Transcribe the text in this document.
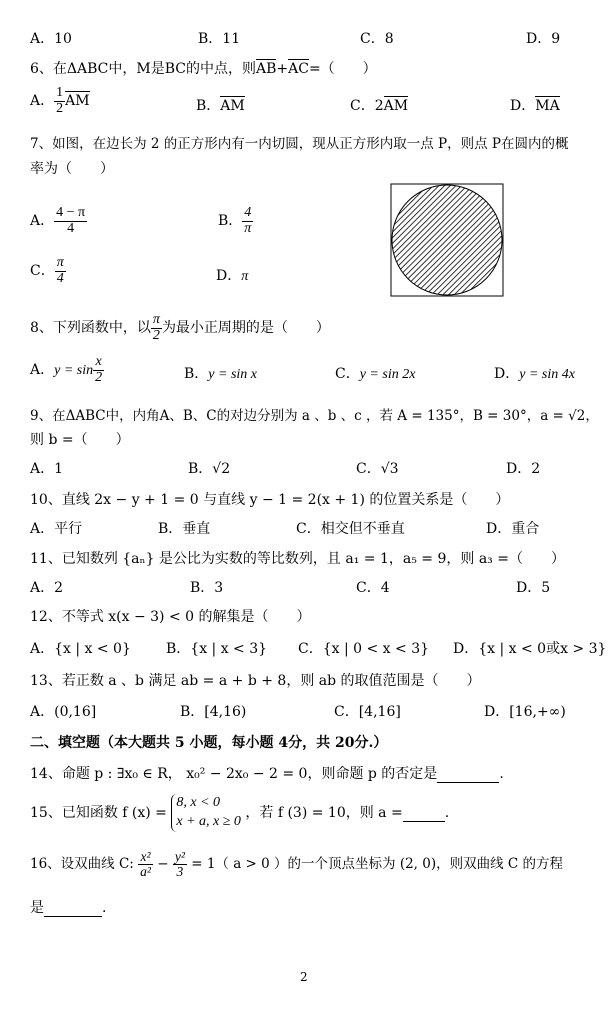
A．10	B．11	C．8	D．9
6、在ΔABC中，M是BC的中点，则AB+AC=（　　）
A． $\frac{1}{2}$ AM	B．AM	C．2AM	D．MA
7、如图，在边长为 2 的正方形内有一内切圆，现从正方形内取一点 P，则点 P在圆内的概
率为（　　）
A． $\frac{4 - \pi}{4}$	B． $\frac{4}{\pi}$
C． $\frac{\pi}{4}$	D．π
8、下列函数中，以 $\frac{\pi}{2}$ 为最小正周期的是（　　）
A．$y = \sin \frac{x}{2}$	B．y = sin x	C．y = sin 2x	D．y = sin 4x
9、在ΔABC中，内角A、B、C的对边分别为 a 、b 、c ，若 A = 135°，B = 30°，a = √2，
则 b =（　　）
A．1	B．√2	C．√3	D．2
10、直线 2x − y + 1 = 0 与直线 y − 1 = 2(x + 1) 的位置关系是（　　）
A．平行	B．垂直	C．相交但不垂直	D．重合
11、已知数列 {aₙ} 是公比为实数的等比数列，且 a₁ = 1，a₅ = 9，则 a₃ =（　　）
A．2	B．3	C．4	D．5
12、不等式 x(x − 3) < 0 的解集是（　　）
A．{x | x < 0}	B．{x | x < 3} C．{x | 0 < x < 3} D．{x | x < 0或x > 3}
13、若正数 a 、b 满足 ab = a + b + 8，则 ab 的取值范围是（　　）
A．(0,16]	B．[4,16)	C．[4,16]	D．[16,+∞)
二、填空题（本大题共 5 小题，每小题 4分，共 20分.）
14、命题 p : ∃x₀ ∈ R， x₀² − 2x₀ − 2 = 0，则命题 p 的否定是	.
15、已知函数 f (x) =
8, x < 0
x + a, x ≥ 0
，若 f (3) = 10，则 a =	.
16、设双曲线 C: $\frac{\text{x²}}{\text{a²}} - \frac{\text{y²}}{3} = 1$（ a > 0 ）的一个顶点坐标为 (2, 0)，则双曲线 C 的方程
是	.
2
